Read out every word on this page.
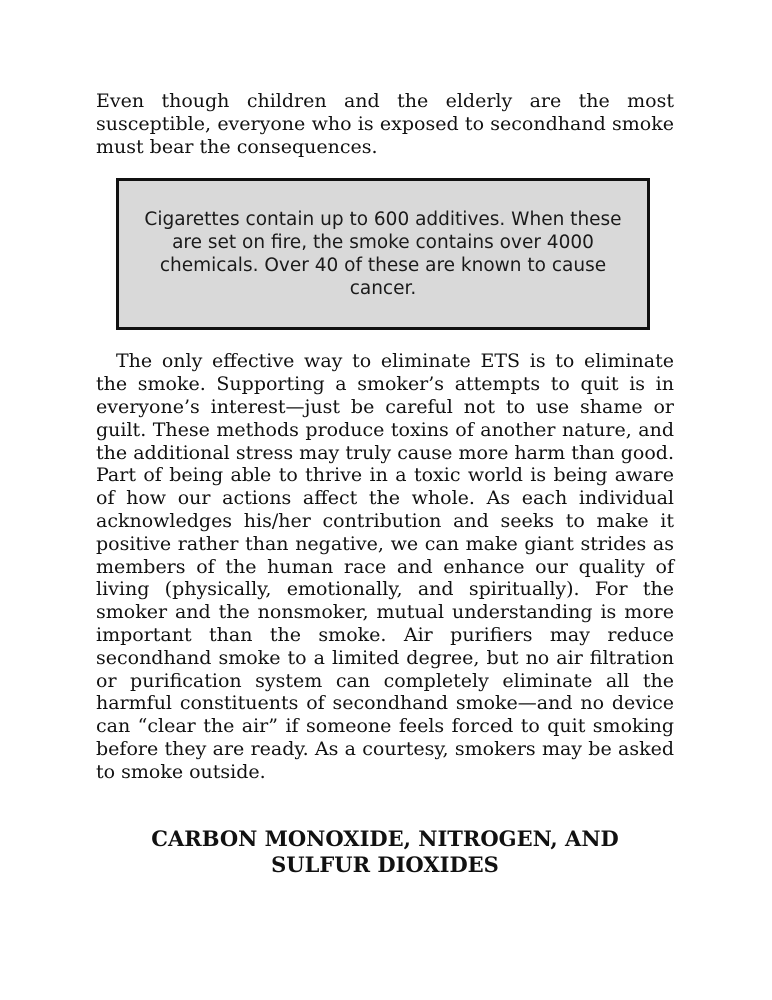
Even though children and the elderly are the most susceptible, everyone who is exposed to secondhand smoke must bear the consequences.

Cigarettes contain up to 600 additives. When these are set on fire, the smoke contains over 4000 chemicals. Over 40 of these are known to cause cancer.

The only effective way to eliminate ETS is to eliminate the smoke. Supporting a smoker’s attempts to quit is in everyone’s interest—just be careful not to use shame or guilt. These methods produce toxins of another nature, and the additional stress may truly cause more harm than good. Part of being able to thrive in a toxic world is being aware of how our actions affect the whole. As each individual acknowledges his/her contribution and seeks to make it positive rather than negative, we can make giant strides as members of the human race and enhance our quality of living (physically, emotionally, and spiritually). For the smoker and the nonsmoker, mutual understanding is more important than the smoke. Air purifiers may reduce secondhand smoke to a limited degree, but no air filtration or purification system can completely eliminate all the harmful constituents of secondhand smoke—and no device can “clear the air” if someone feels forced to quit smoking before they are ready. As a courtesy, smokers may be asked to smoke outside.

CARBON MONOXIDE, NITROGEN, AND SULFUR DIOXIDES
